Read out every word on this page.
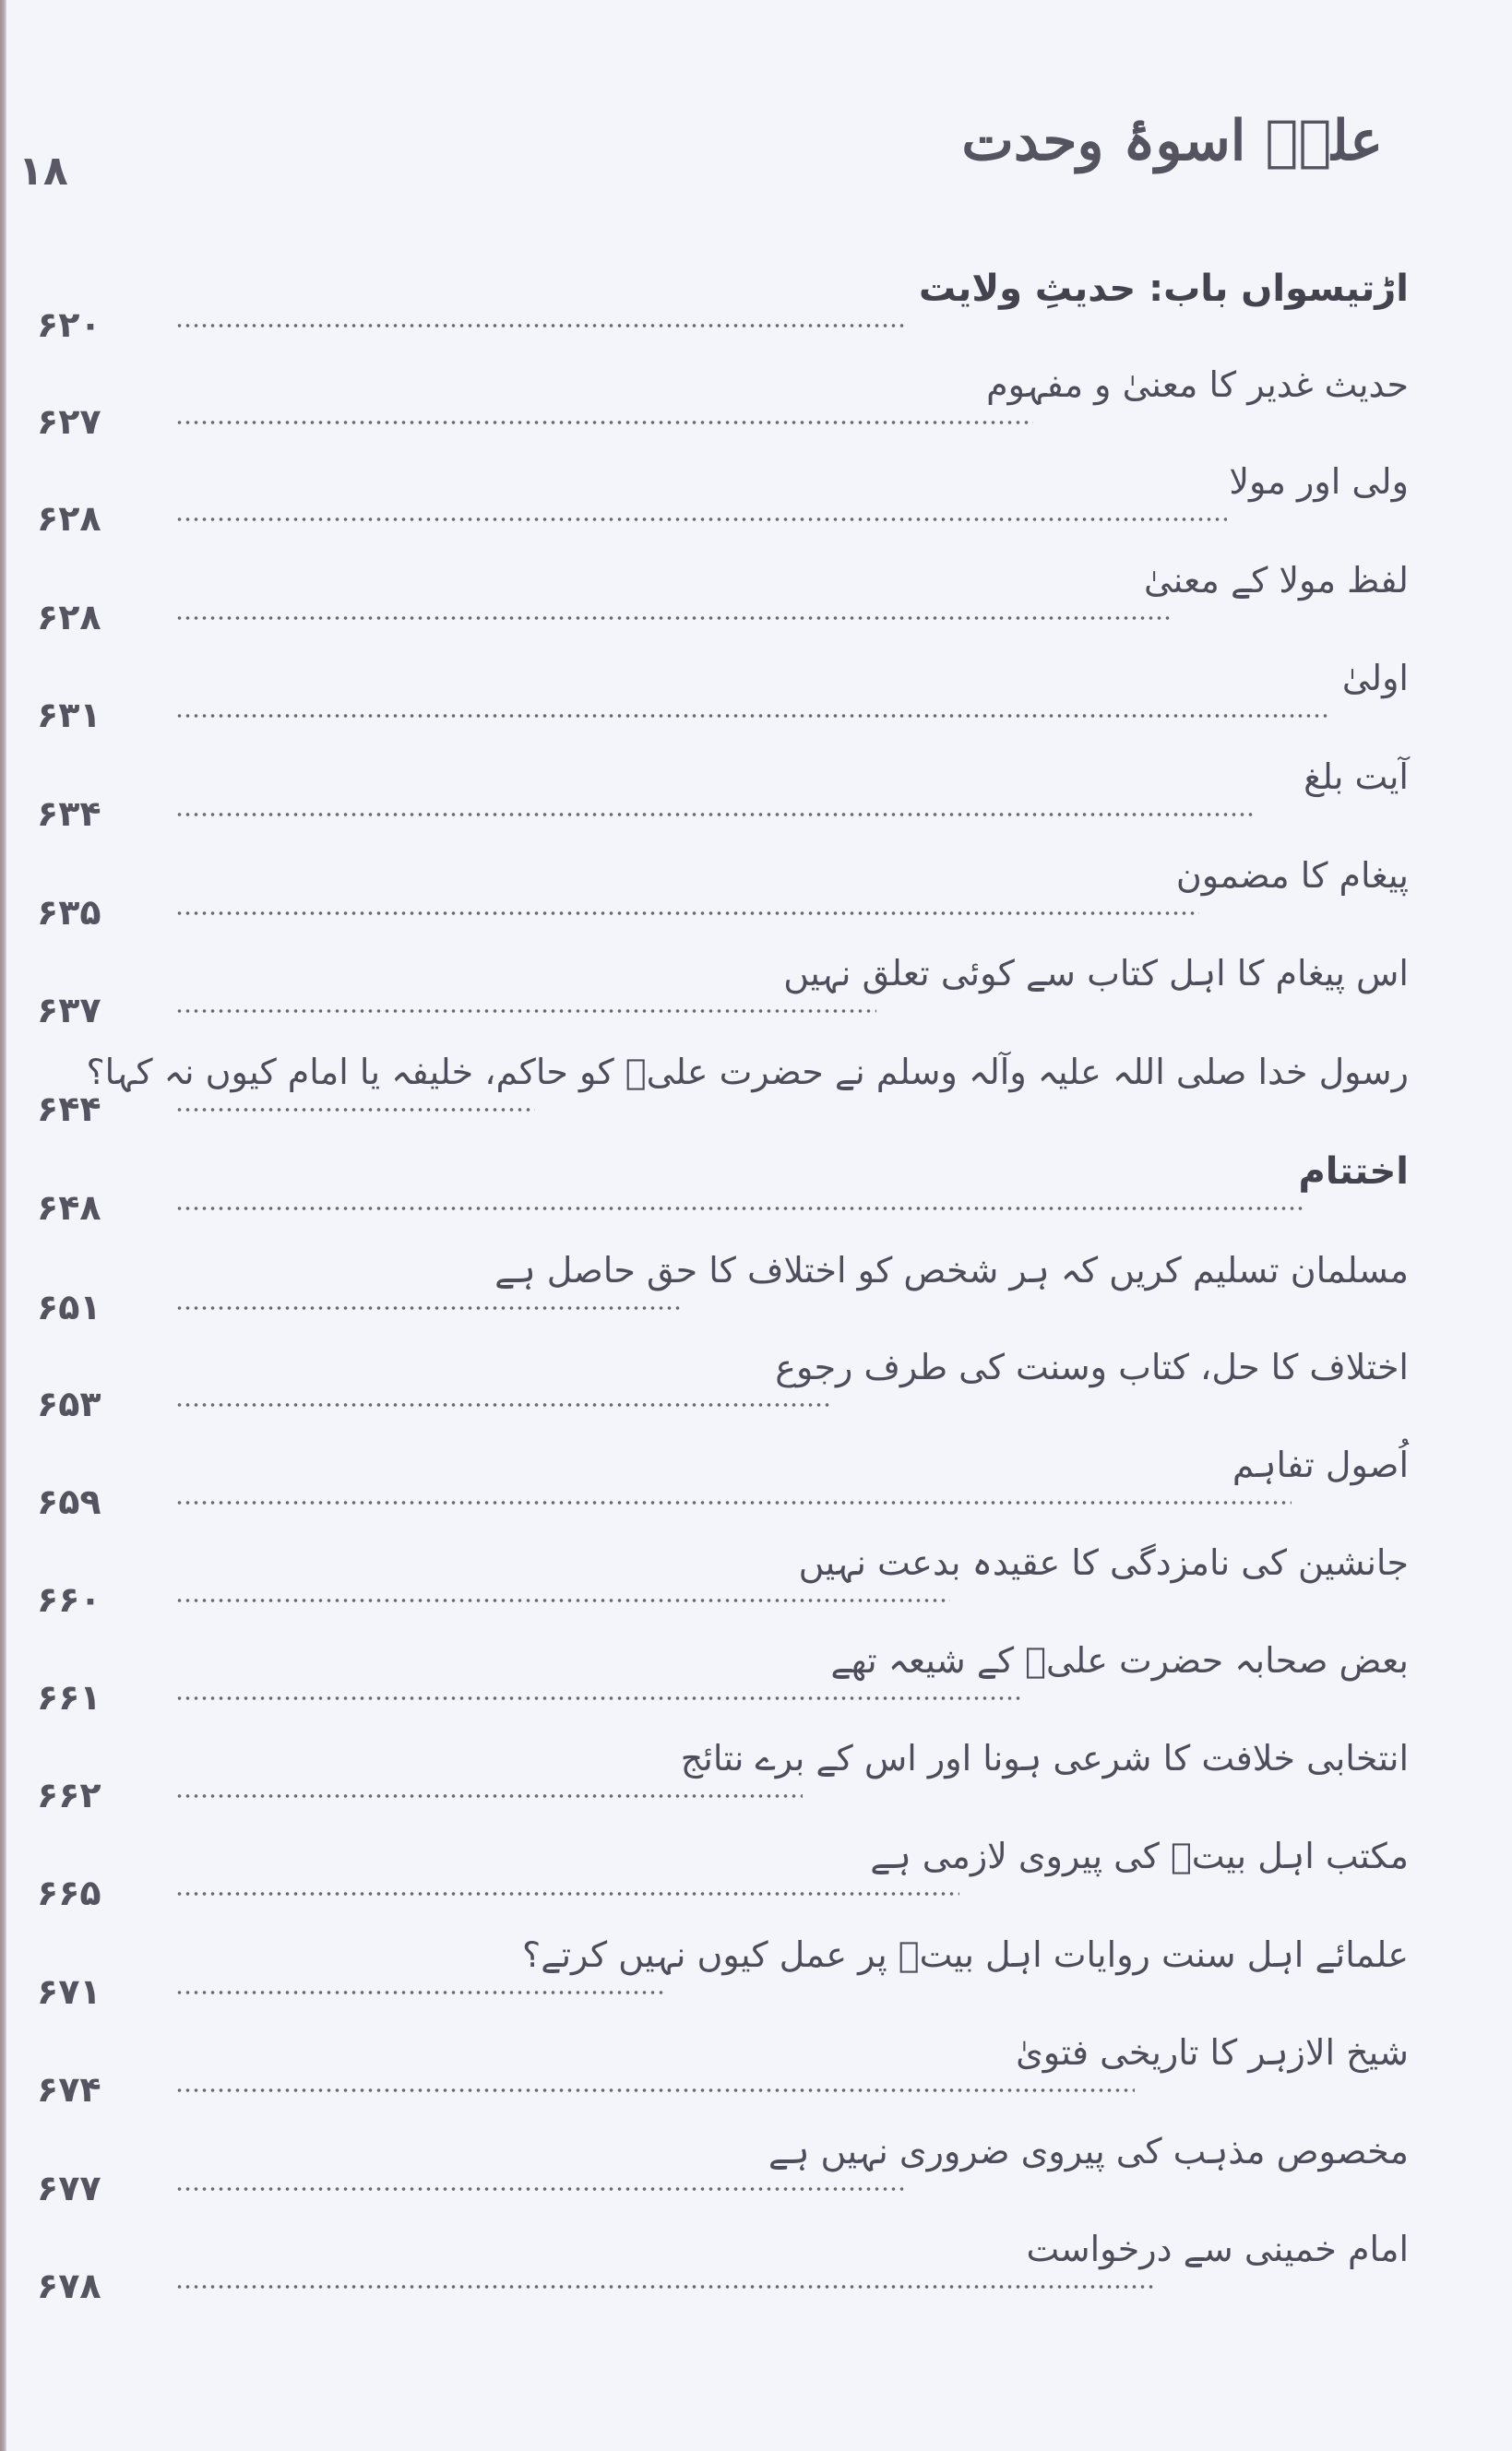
۱۸	علیؑ اسوۂ وحدت
اڑتیسواں باب: حدیثِ ولایت
۶۲۰
حدیث غدیر کا معنیٰ و مفہوم
۶۲۷
ولی اور مولا
۶۲۸
لفظ مولا کے معنیٰ
۶۲۸
اولیٰ
۶۳۱
آیت بلغ
۶۳۴
پیغام کا مضمون
۶۳۵
اس پیغام کا اہل کتاب سے کوئی تعلق نہیں
۶۳۷
رسول خدا صلی اللہ علیہ وآلہ وسلم نے حضرت علیؑ کو حاکم، خلیفہ یا امام کیوں نہ کہا؟
۶۴۴
اختتام
۶۴۸
مسلمان تسلیم کریں کہ ہر شخص کو اختلاف کا حق حاصل ہے
۶۵۱
اختلاف کا حل، کتاب وسنت کی طرف رجوع
۶۵۳
اُصول تفاہم
۶۵۹
جانشین کی نامزدگی کا عقیدہ بدعت نہیں
۶۶۰
بعض صحابہ حضرت علیؑ کے شیعہ تھے
۶۶۱
انتخابی خلافت کا شرعی ہونا اور اس کے برے نتائج
۶۶۲
مکتب اہل بیتؑ کی پیروی لازمی ہے
۶۶۵
علمائے اہل سنت روایات اہل بیتؑ پر عمل کیوں نہیں کرتے؟
۶۷۱
شیخ الازہر کا تاریخی فتویٰ
۶۷۴
مخصوص مذہب کی پیروی ضروری نہیں ہے
۶۷۷
امام خمینی سے درخواست
۶۷۸
